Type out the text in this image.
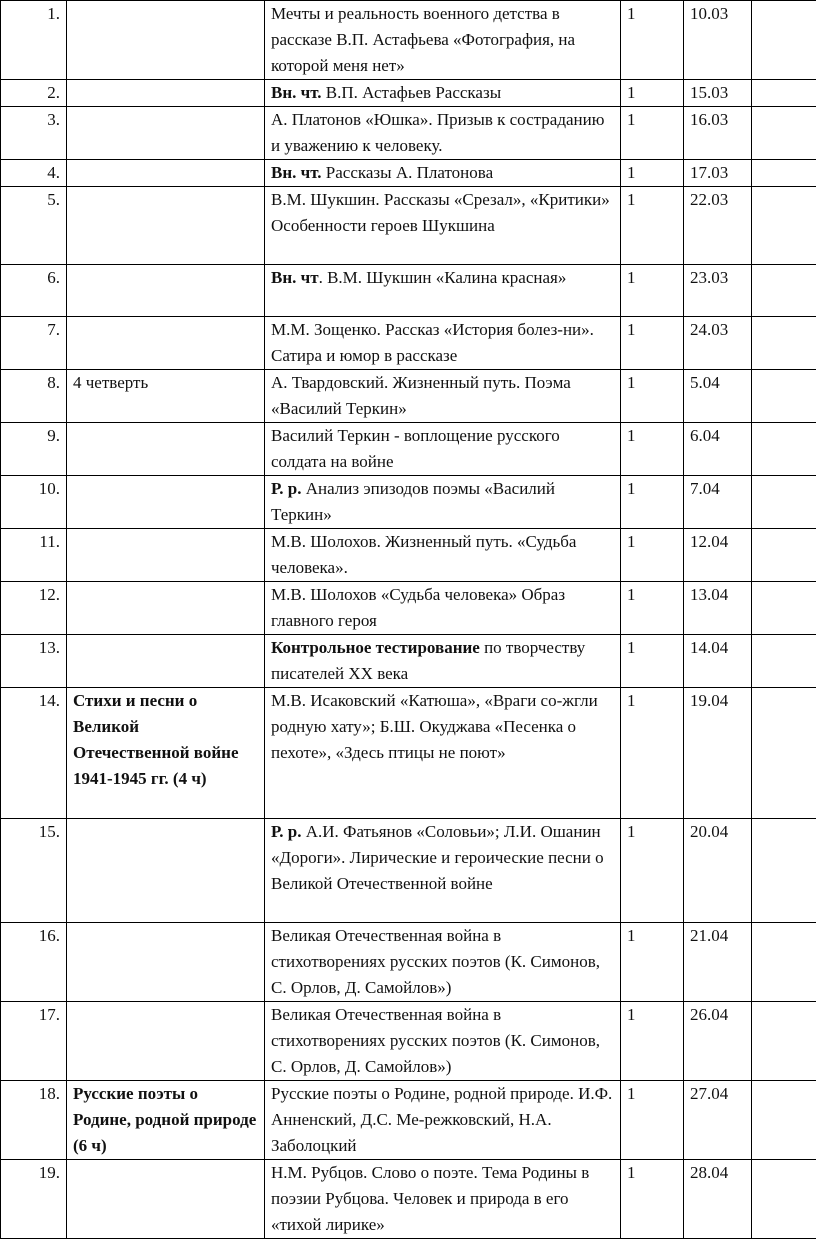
1.		Мечты и реальность военного детства в рассказе В.П. Астафьева «Фотография, на которой меня нет»	1	10.03	
2.		Вн. чт. В.П. Астафьев Рассказы	1	15.03	
3.		А. Платонов «Юшка». Призыв к состраданию и уважению к человеку.	1	16.03	
4.		Вн. чт. Рассказы А. Платонова	1	17.03	
5.		В.М. Шукшин. Рассказы «Срезал», «Критики» Особенности героев Шукшина	1	22.03	
6.		Вн. чт. В.М. Шукшин «Калина красная»	1	23.03	
7.		М.М. Зощенко. Рассказ «История болез-ни». Сатира и юмор в рассказе	1	24.03	
8.	4 четверть	А. Твардовский. Жизненный путь. Поэма «Василий Теркин»	1	5.04	
9.		Василий Теркин - воплощение русского солдата на войне	1	6.04	
10.		Р. р. Анализ эпизодов поэмы «Василий Теркин»	1	7.04	
11.		М.В. Шолохов. Жизненный путь. «Судьба человека».	1	12.04	
12.		М.В. Шолохов «Судьба человека» Образ главного героя	1	13.04	
13.		Контрольное тестирование по творчеству писателей XX века	1	14.04	
14.	Стихи и песни о Великой Отечественной войне 1941-1945 гг. (4 ч)	М.В. Исаковский «Катюша», «Враги со-жгли родную хату»; Б.Ш. Окуджава «Песенка о пехоте», «Здесь птицы не поют»	1	19.04	
15.		Р. р. А.И. Фатьянов «Соловьи»; Л.И. Ошанин «Дороги». Лирические и героические песни о Великой Отечественной войне	1	20.04	
16.		Великая Отечественная война в стихотворениях русских поэтов (К. Симонов, С. Орлов, Д. Самойлов»)	1	21.04	
17.		Великая Отечественная война в стихотворениях русских поэтов (К. Симонов, С. Орлов, Д. Самойлов»)	1	26.04	
18.	Русские поэты о Родине, родной природе (6 ч)	Русские поэты о Родине, родной природе. И.Ф. Анненский, Д.С. Ме-режковский, Н.А. Заболоцкий	1	27.04	
19.		Н.М. Рубцов. Слово о поэте. Тема Родины в поэзии Рубцова. Человек и природа в его «тихой лирике»	1	28.04	
